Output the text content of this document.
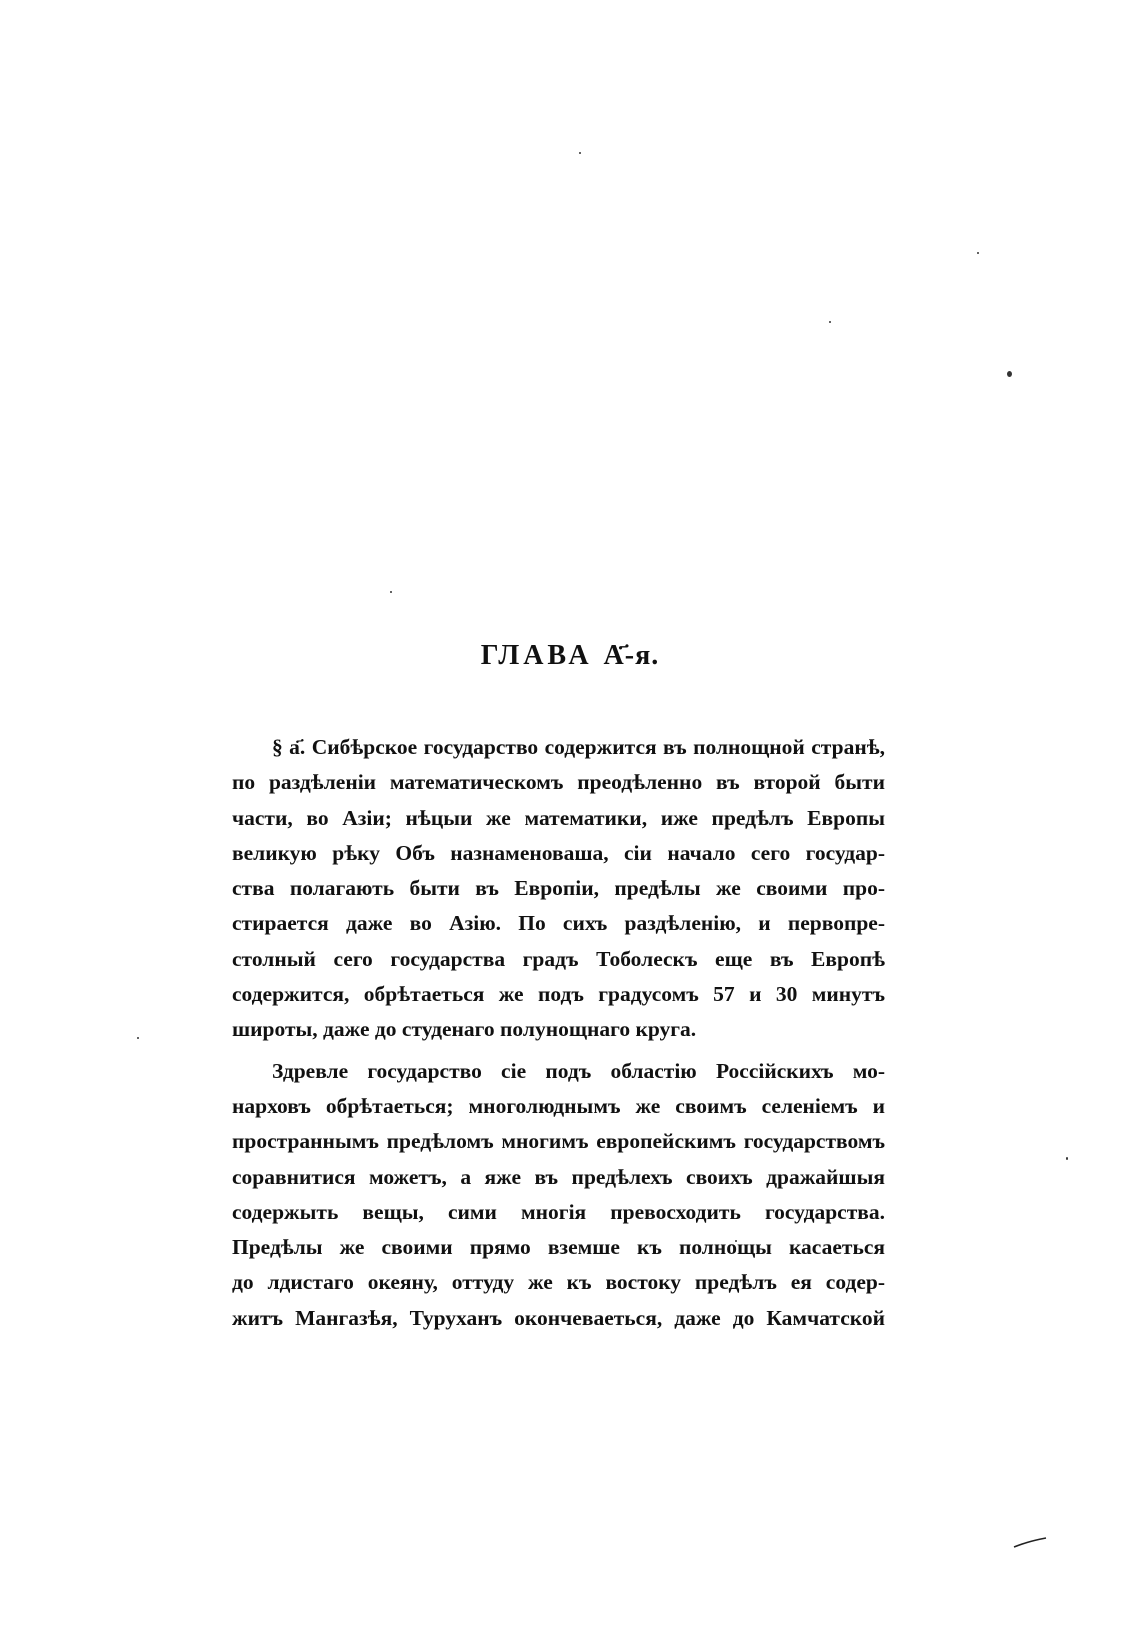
ГЛАВА А҃-я.
§ а҃. Сибѣрское государство содержится въ полнощной странѣ,
по раздѣленіи математическомъ преодѣленно въ второй быти
части, во Азіи; нѣцыи же математики, иже предѣлъ Европы
великую рѣку Объ назнаменоваша, сіи начало сего государ-
ства полагають быти въ Европіи, предѣлы же своими про-
стирается даже во Азію. По сихъ раздѣленію, и первопре-
столный сего государства градъ Тоболескъ еще въ Европѣ
содержится, обрѣтаеться же подъ градусомъ 57 и 30 минутъ
широты, даже до студенаго полунощнаго круга.
Здревле государство сіе подъ областію Россійскихъ мо-
нарховъ обрѣтаеться; многолюднымъ же своимъ селеніемъ и
пространнымъ предѣломъ многимъ европейскимъ государствомъ
соравнитися можетъ, а яже въ предѣлехъ своихъ дражайшыя
содержыть вещы, сими многія превосходить государства.
Предѣлы же своими прямо вземше къ полнощы касаеться
до лдистаго океяну, оттуду же къ востоку предѣлъ ея содер-
житъ Мангазѣя, Туруханъ окончеваеться, даже до Камчатской
